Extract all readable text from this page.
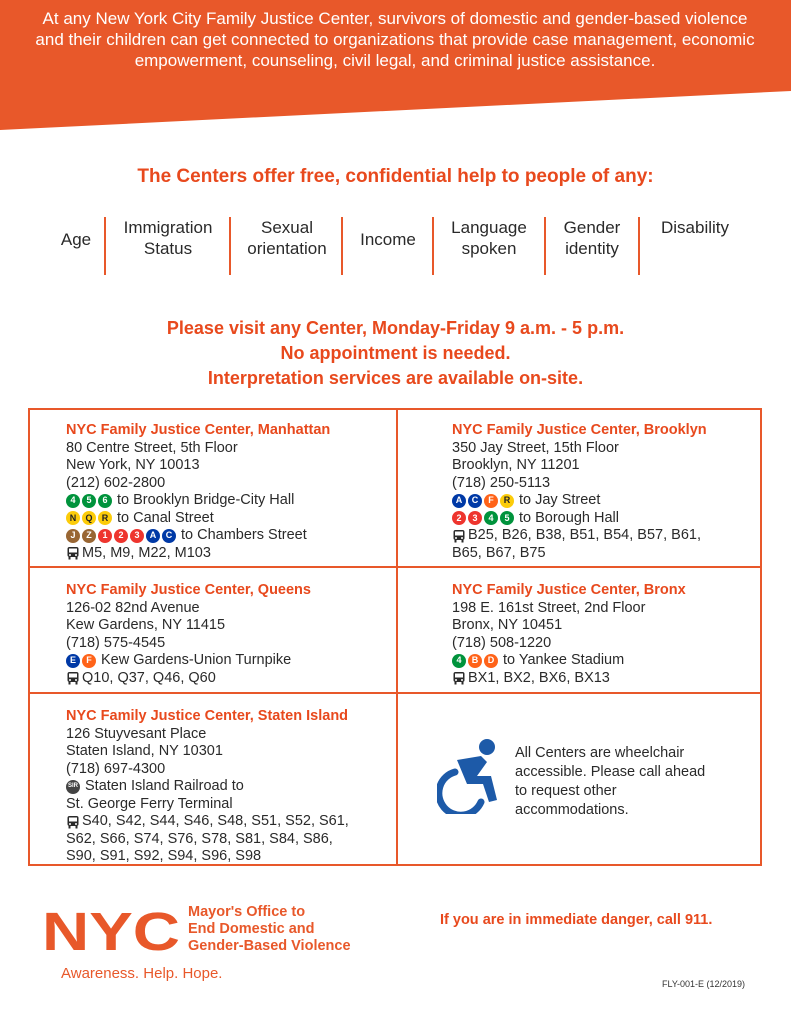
At any New York City Family Justice Center, survivors of domestic and gender-based violence and their children can get connected to organizations that provide case management, economic empowerment, counseling, civil legal, and criminal justice assistance.
The Centers offer free, confidential help to people of any:
Age
Immigration Status
Sexual orientation	Income
Language spoken
Gender identity
Disability
Please visit any Center, Monday-Friday 9 a.m. - 5 p.m.
No appointment is needed.
Interpretation services are available on-site.
NYC Family Justice Center, Manhattan
80 Centre Street, 5th Floor
New York, NY 10013
(212) 602-2800
4	5	6 to Brooklyn Bridge-City Hall
N	Q	R to Canal Street
J	Z	1	2	3	A	C to Chambers Street
M5, M9, M22, M103
NYC Family Justice Center, Brooklyn
350 Jay Street, 15th Floor
Brooklyn, NY 11201
(718) 250-5113
A	C	F	R to Jay Street
2	3	4	5 to Borough Hall
B25, B26, B38, B51, B54, B57, B61,
B65, B67, B75
NYC Family Justice Center, Queens
126-02 82nd Avenue
Kew Gardens, NY 11415
(718) 575-4545
E	F Kew Gardens-Union Turnpike
Q10, Q37, Q46, Q60
NYC Family Justice Center, Bronx
198 E. 161st Street, 2nd Floor
Bronx, NY 10451
(718) 508-1220
4	B	D to Yankee Stadium
BX1, BX2, BX6, BX13
NYC Family Justice Center, Staten Island
126 Stuyvesant Place
Staten Island, NY 10301
(718) 697-4300
SIR Staten Island Railroad to
St. George Ferry Terminal
S40, S42, S44, S46, S48, S51, S52, S61,
S62, S66, S74, S76, S78, S81, S84, S86,
S90, S91, S92, S94, S96, S98
All Centers are wheelchair accessible. Please call ahead to request other accommodations.
NYC Mayor's Office to
End Domestic and
Gender-Based Violence
Awareness. Help. Hope.
If you are in immediate danger, call 911.
FLY-001-E (12/2019)
